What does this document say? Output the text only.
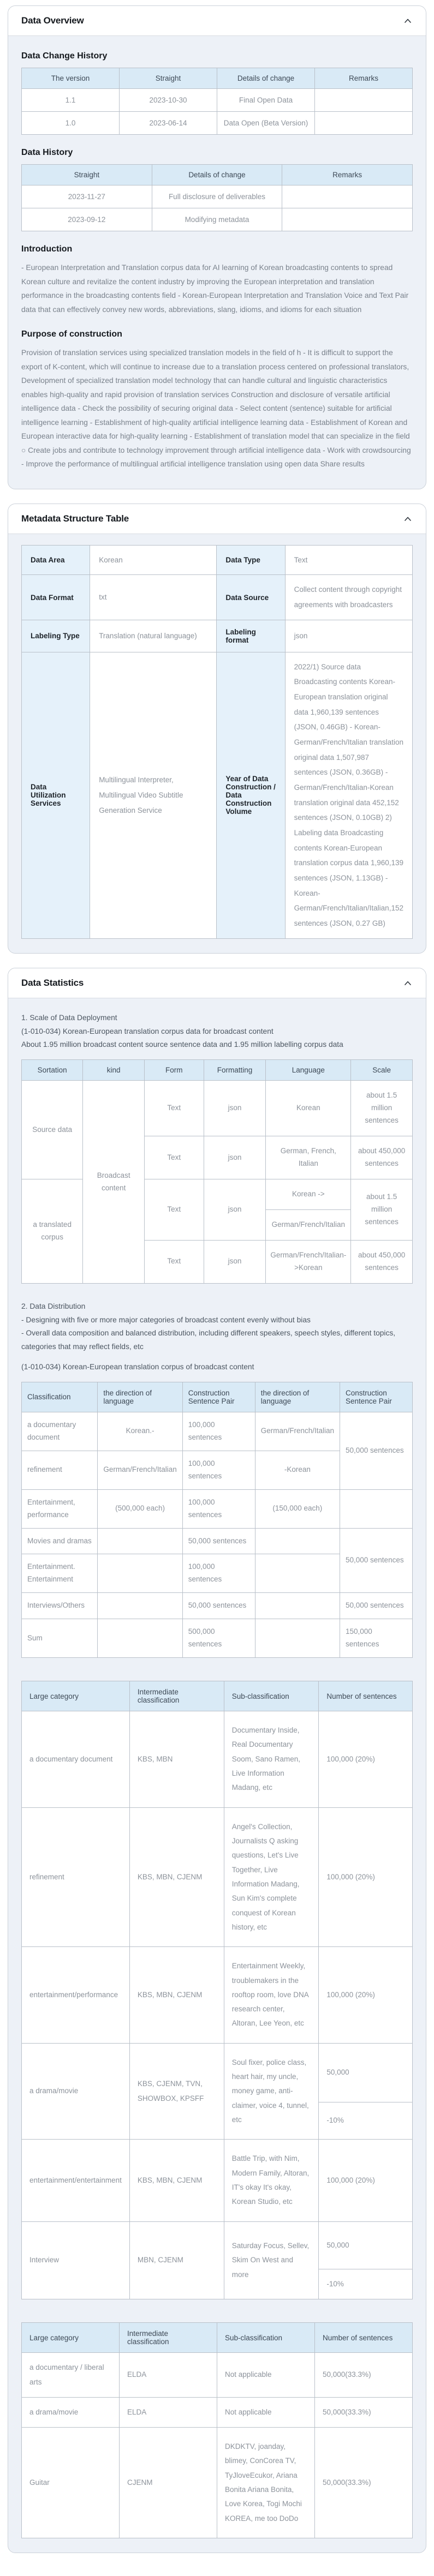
Data Overview
Data Change History
The version	Straight	Details of change	Remarks
1.1	2023-10-30	Final Open Data	
1.0	2023-06-14	Data Open (Beta Version)	
Data History
Straight	Details of change	Remarks
2023-11-27	Full disclosure of deliverables	
2023-09-12	Modifying metadata	
Introduction

- European Interpretation and Translation corpus data for AI learning of Korean broadcasting contents to spread Korean culture and revitalize the content industry by improving the European interpretation and translation performance in the broadcasting contents field - Korean-European Interpretation and Translation Voice and Text Pair data that can effectively convey new words, abbreviations, slang, idioms, and idioms for each situation

Purpose of construction

Provision of translation services using specialized translation models in the field of h - It is difficult to support the export of K-content, which will continue to increase due to a translation process centered on professional translators, Development of specialized translation model technology that can handle cultural and linguistic characteristics enables high-quality and rapid provision of translation services Construction and disclosure of versatile artificial intelligence data - Check the possibility of securing original data - Select content (sentence) suitable for artificial intelligence learning - Establishment of high-quality artificial intelligence learning data - Establishment of Korean and European interactive data for high-quality learning - Establishment of translation model that can specialize in the field ○ Create jobs and contribute to technology improvement through artificial intelligence data - Work with crowdsourcing - Improve the performance of multilingual artificial intelligence translation using open data Share results

Metadata Structure Table
Data Area	Korean	Data Type	Text
Data Format	txt	Data Source	Collect content through copyright agreements with broadcasters
Labeling Type	Translation (natural language)	Labeling format	json
Data Utilization Services	Multilingual Interpreter, Multilingual Video Subtitle Generation Service	Year of Data Construction / Data Construction Volume	2022/1) Source data Broadcasting contents Korean-European translation original data 1,960,139 sentences (JSON, 0.46GB) - Korean-German/French/Italian translation original data 1,507,987 sentences (JSON, 0.36GB) - German/French/Italian-Korean translation original data 452,152 sentences (JSON, 0.10GB) 2) Labeling data Broadcasting contents Korean-European translation corpus data 1,960,139 sentences (JSON, 1.13GB) - Korean-German/French/Italian/Italian,152 sentences (JSON, 0.27 GB)
Data Statistics

1. Scale of Data Deployment

(1-010-034) Korean-European translation corpus data for broadcast content

About 1.95 million broadcast content source sentence data and 1.95 million labelling corpus data

Sortation	kind	Form	Formatting	Language	Scale
Source data	Broadcast content	Text	json	Korean	about 1.5 million sentences
		Text	json	German, French, Italian	about 450,000 sentences
a translated corpus		Text	json	Korean ->	about 1.5 million sentences
				German/French/Italian	
		Text	json	German/French/Italian->Korean	about 450,000 sentences

2. Data Distribution

- Designing with five or more major categories of broadcast content evenly without bias

- Overall data composition and balanced distribution, including different speakers, speech styles, different topics, categories that may reflect fields, etc

(1-010-034) Korean-European translation corpus of broadcast content

Classification	the direction of language	Construction Sentence Pair	the direction of language	Construction Sentence Pair
a documentary document	Korean.-	100,000 sentences	German/French/Italian	50,000 sentences
refinement	German/French/Italian	100,000 sentences	-Korean	
Entertainment, performance	(500,000 each)	100,000 sentences	(150,000 each)	
Movies and dramas		50,000 sentences		50,000 sentences
Entertainment. Entertainment		100,000 sentences		
Interviews/Others		50,000 sentences		50,000 sentences
Sum		500,000 sentences		150,000 sentences
Large category	Intermediate classification	Sub-classification	Number of sentences
a documentary document	KBS, MBN	Documentary Inside, Real Documentary Soom, Sano Ramen, Live Information Madang, etc	100,000 (20%)
refinement	KBS, MBN, CJENM	Angel's Collection, Journalists Q asking questions, Let's Live Together, Live Information Madang, Sun Kim's complete conquest of Korean history, etc	100,000 (20%)
entertainment/performance	KBS, MBN, CJENM	Entertainment Weekly, troublemakers in the rooftop room, love DNA research center, Altoran, Lee Yeon, etc	100,000 (20%)
a drama/movie	KBS, CJENM, TVN, SHOWBOX, KPSFF	Soul fixer, police class, heart hair, my uncle, money game, anti-claimer, voice 4, tunnel, etc	50,000
			-10%
entertainment/entertainment	KBS, MBN, CJENM	Battle Trip, with Nim, Modern Family, Altoran, IT's okay It's okay, Korean Studio, etc	100,000 (20%)
Interview	MBN, CJENM	Saturday Focus, Sellev, Skim On West and more	50,000
			-10%
Large category	Intermediate classification	Sub-classification	Number of sentences
a documentary / liberal arts	ELDA	Not applicable	50,000(33.3%)
a drama/movie	ELDA	Not applicable	50,000(33.3%)
Guitar	CJENM	DKDKTV, joanday, blimey, ConCorea TV, TyJloveEcukor, Ariana Bonita Ariana Bonita, Love Korea, Togi Mochi KOREA, me too DoDo	50,000(33.3%)
